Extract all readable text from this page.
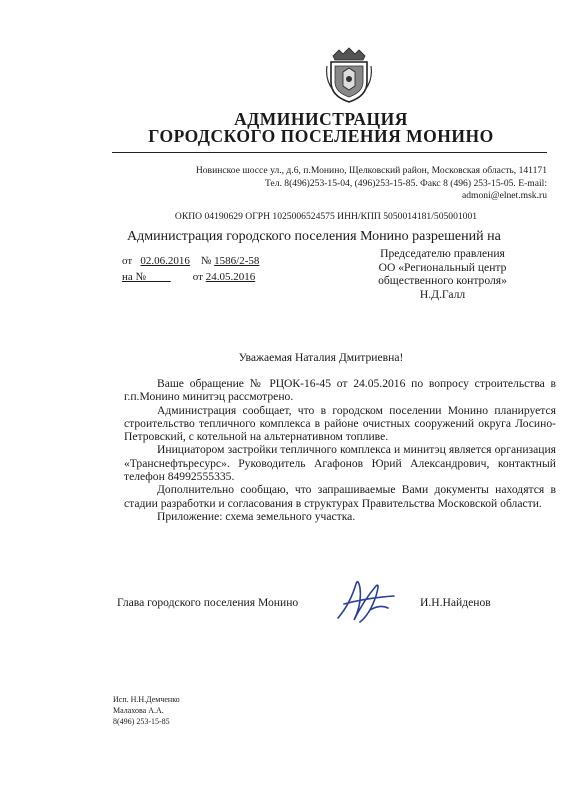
АДМИНИСТРАЦИЯ
ГОРОДСКОГО ПОСЕЛЕНИЯ МОНИНО
Новинское шоссе ул., д.6, п.Монино, Щелковский район, Московская область, 141171
Тел. 8(496)253-15-04, (496)253-15-85. Факс 8 (496) 253-15-05. E-mail:
admoni@elnet.msk.ru
ОКПО 04190629 ОГРН 1025006524575 ИНН/КПП 5050014181/505001001
Администрация городского поселения Монино разрешений на
от 02.06.2016 № 1586/2-58
на №	от 24.05.2016
Председателю правления
ОО «Региональный центр
общественного контроля»
Н.Д.Галл
Уважаемая Наталия Дмитриевна!

Ваше обращение № РЦОК-16-45 от 24.05.2016 по вопросу строительства в г.п.Монино минитэц рассмотрено.

Администрация сообщает, что в городском поселении Монино планируется строительство тепличного комплекса в районе очистных сооружений округа Лосино-Петровский, с котельной на альтернативном топливе.

Инициатором застройки тепличного комплекса и минитэц является организация «Транснефтьресурс». Руководитель Агафонов Юрий Александрович, контактный телефон 84992555335.

Дополнительно сообщаю, что запрашиваемые Вами документы находятся в стадии разработки и согласования в структурах Правительства Московской области.

Приложение: схема земельного участка.

Глава городского поселения Монино	И.Н.Найденов
Исп. Н.Н.Демченко
Малахова А.А.
8(496) 253-15-85
